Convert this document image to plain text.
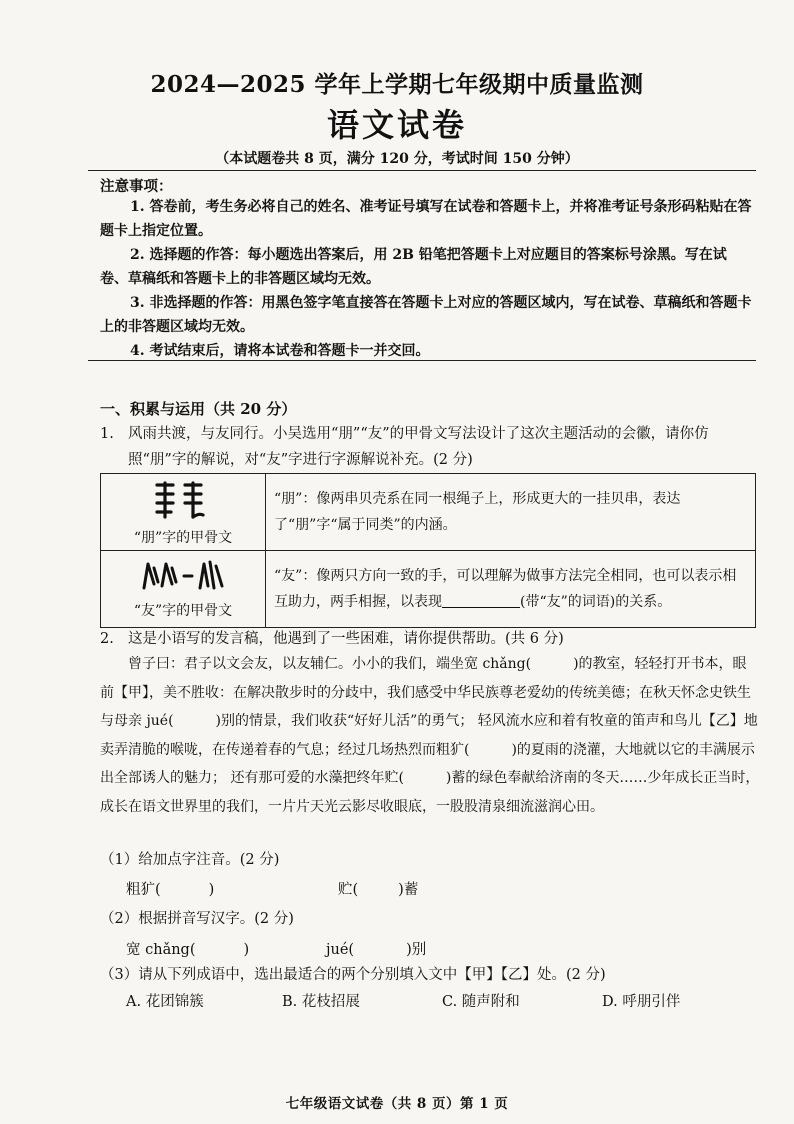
2024—2025 学年上学期七年级期中质量监测
语文试卷
（本试题卷共 8 页，满分 120 分，考试时间 150 分钟）
注意事项：

1. 答卷前，考生务必将自己的姓名、准考证号填写在试卷和答题卡上，并将准考证号条形码粘贴在答题卡上指定位置。

2. 选择题的作答：每小题选出答案后，用 2B 铅笔把答题卡上对应题目的答案标号涂黑。写在试卷、草稿纸和答题卡上的非答题区域均无效。

3. 非选择题的作答：用黑色签字笔直接答在答题卡上对应的答题区域内，写在试卷、草稿纸和答题卡上的非答题区域均无效。

4. 考试结束后，请将本试卷和答题卡一并交回。

一、积累与运用（共 20 分）
1. 风雨共渡，与友同行。小吴选用“朋”“友”的甲骨文写法设计了这次主题活动的会徽，请你仿照“朋”字的解说，对“友”字进行字源解说补充。(2 分)
“朋”字的甲骨文	“朋”：像两串贝壳系在同一根绳子上，形成更大的一挂贝串，表达了“朋”字“属于同类”的内涵。

“友”字的甲骨文	“友”：像两只方向一致的手，可以理解为做事方法完全相同，也可以表示相互助力，两手相握，以表现 (带“友”的词语)的关系。
2. 这是小语写的发言稿，他遇到了一些困难，请你提供帮助。(共 6 分)

曾子曰：君子以文会友，以友辅仁。小小的我们，端坐宽 chǎng(　　　)的教室，轻轻打开书本，眼前【甲】，美不胜收：在解决散步时的分歧中，我们感受中华民族尊老爱幼的传统美德；在秋天怀念史铁生与母亲 jué(　　　)别的情景，我们收获“好好儿活”的勇气； 轻风流水应和着有牧童的笛声和鸟儿【乙】地卖弄清脆的喉咙，在传递着春的气息；经过几场热烈而粗犷(　　　)的夏雨的浇灌，大地就以它的丰满展示出全部诱人的魅力； 还有那可爱的水藻把终年贮(　　　)蓄的绿色奉献给济南的冬天……少年成长正当时，成长在语文世界里的我们，一片片天光云影尽收眼底，一股股清泉细流滋润心田。

（1）给加点字注音。(2 分)
粗犷(	)	贮(	)蓄
（2）根据拼音写汉字。(2 分)
宽 chǎng(	)	jué(	)别
（3）请从下列成语中，选出最适合的两个分别填入文中【甲】【乙】处。(2 分)
A. 花团锦簇	B. 花枝招展	C. 随声附和	D. 呼朋引伴
七年级语文试卷（共 8 页）第 1 页
